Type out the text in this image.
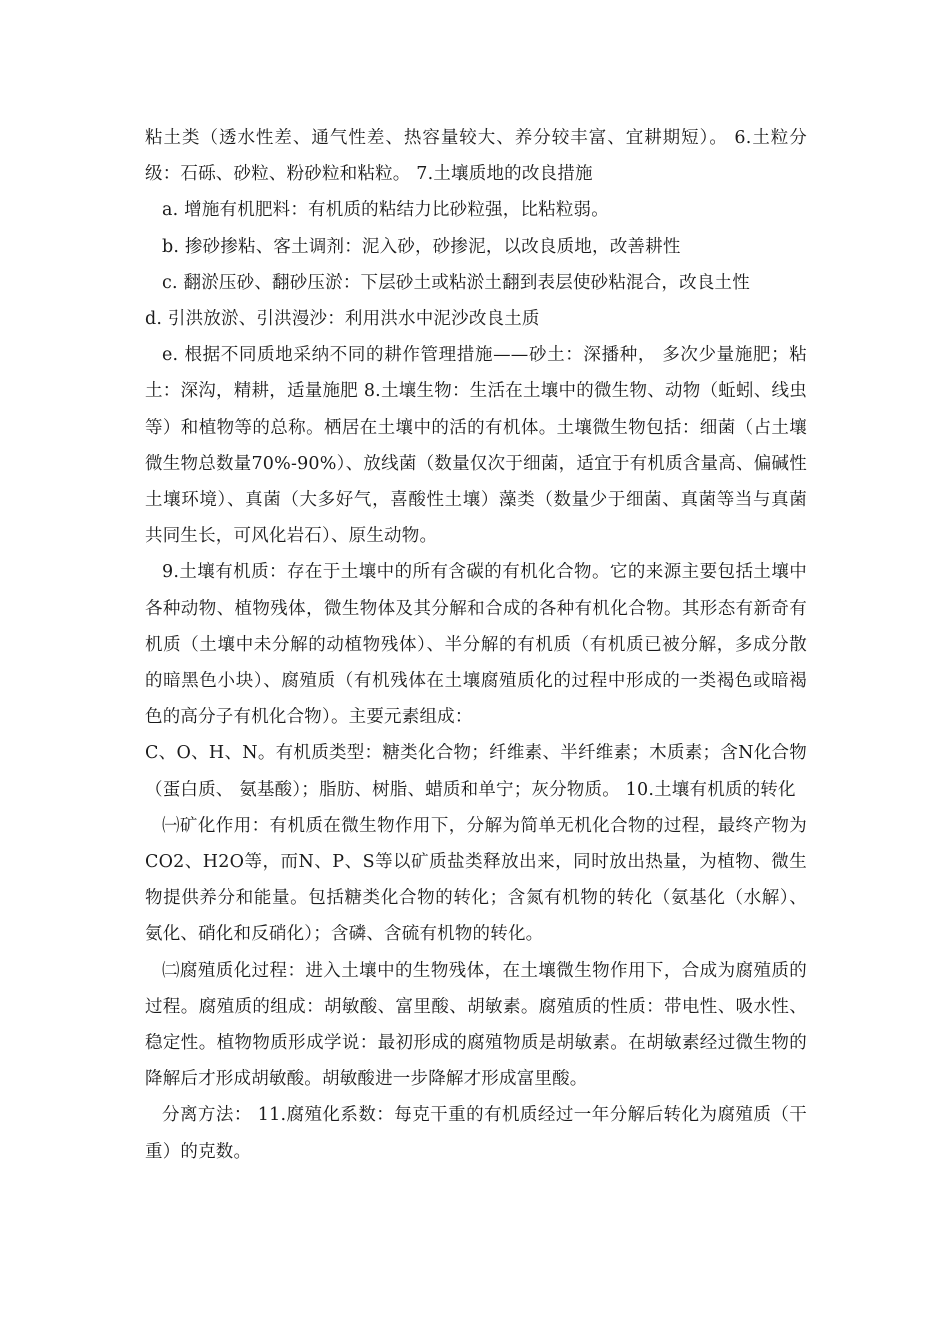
粘土类（透水性差、通气性差、热容量较大、养分较丰富、宜耕期短）。 6.土粒分级：石砾、砂粒、粉砂粒和粘粒。 7.土壤质地的改良措施

a. 增施有机肥料：有机质的粘结力比砂粒强，比粘粒弱。

b. 掺砂掺粘、客土调剂：泥入砂，砂掺泥，以改良质地，改善耕性

c. 翻淤压砂、翻砂压淤：下层砂土或粘淤土翻到表层使砂粘混合，改良土性

d. 引洪放淤、引洪漫沙：利用洪水中泥沙改良土质

e. 根据不同质地采纳不同的耕作管理措施——砂土：深播种， 多次少量施肥；粘土：深沟，精耕，适量施肥 8.土壤生物：生活在土壤中的微生物、动物（蚯蚓、线虫等）和植物等的总称。栖居在土壤中的活的有机体。土壤微生物包括：细菌（占土壤微生物总数量70%-90%）、放线菌（数量仅次于细菌，适宜于有机质含量高、偏碱性土壤环境）、真菌（大多好气，喜酸性土壤）藻类（数量少于细菌、真菌等当与真菌共同生长，可风化岩石）、原生动物。

9.土壤有机质：存在于土壤中的所有含碳的有机化合物。它的来源主要包括土壤中各种动物、植物残体，微生物体及其分解和合成的各种有机化合物。其形态有新奇有机质（土壤中未分解的动植物残体）、半分解的有机质（有机质已被分解，多成分散的暗黑色小块）、腐殖质（有机残体在土壤腐殖质化的过程中形成的一类褐色或暗褐色的高分子有机化合物）。主要元素组成：

C、O、H、N。有机质类型：糖类化合物；纤维素、半纤维素；木质素；含N化合物（蛋白质、 氨基酸）；脂肪、树脂、蜡质和单宁；灰分物质。 10.土壤有机质的转化

㈠矿化作用：有机质在微生物作用下，分解为简单无机化合物的过程，最终产物为CO2、H2O等，而N、P、S等以矿质盐类释放出来，同时放出热量，为植物、微生物提供养分和能量。包括糖类化合物的转化；含氮有机物的转化（氨基化（水解）、氨化、硝化和反硝化）；含磷、含硫有机物的转化。

㈡腐殖质化过程：进入土壤中的生物残体，在土壤微生物作用下，合成为腐殖质的过程。腐殖质的组成：胡敏酸、富里酸、胡敏素。腐殖质的性质：带电性、吸水性、稳定性。植物物质形成学说：最初形成的腐殖物质是胡敏素。在胡敏素经过微生物的降解后才形成胡敏酸。胡敏酸进一步降解才形成富里酸。

分离方法： 11.腐殖化系数：每克干重的有机质经过一年分解后转化为腐殖质（干重）的克数。
